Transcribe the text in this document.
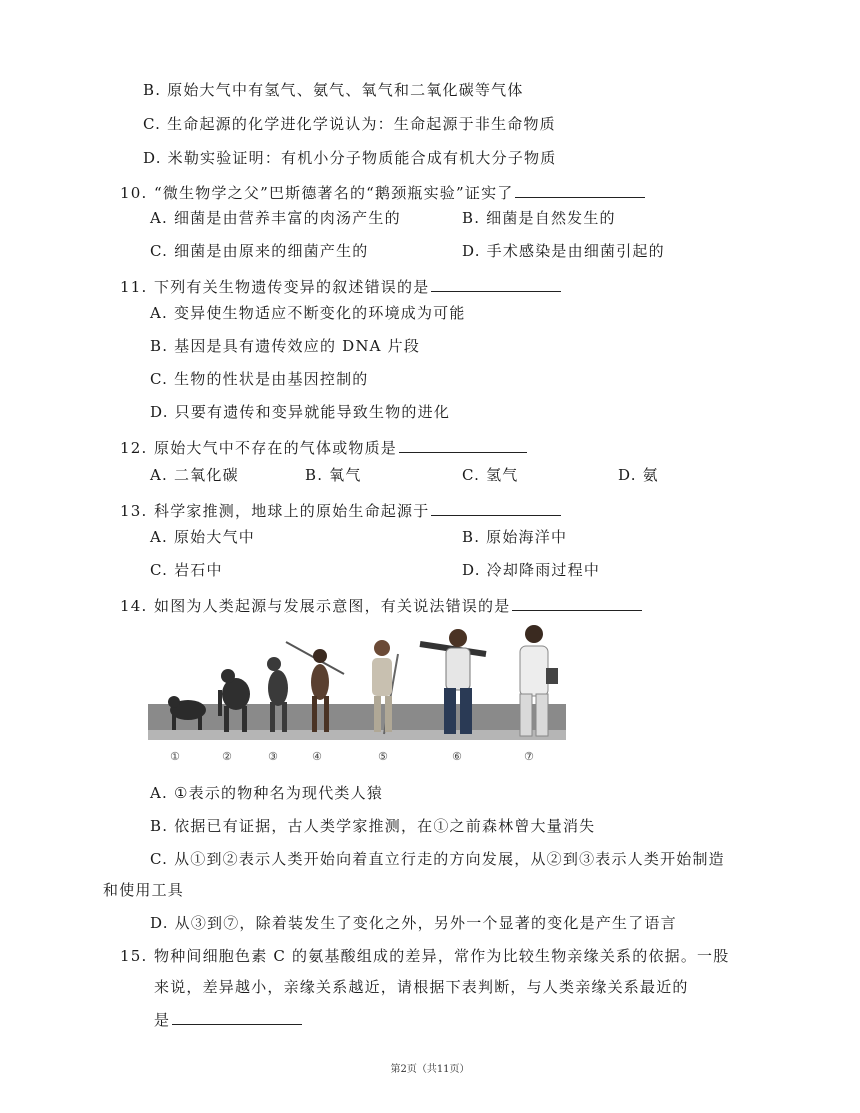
B. 原始大气中有氢气、氨气、氧气和二氧化碳等气体
C. 生命起源的化学进化学说认为：生命起源于非生命物质
D. 米勒实验证明：有机小分子物质能合成有机大分子物质
10. “微生物学之父”巴斯德著名的“鹅颈瓶实验”证实了
A. 细菌是由营养丰富的肉汤产生的	B. 细菌是自然发生的
C. 细菌是由原来的细菌产生的	D. 手术感染是由细菌引起的
11. 下列有关生物遗传变异的叙述错误的是
A. 变异使生物适应不断变化的环境成为可能
B. 基因是具有遗传效应的 DNA 片段
C. 生物的性状是由基因控制的
D. 只要有遗传和变异就能导致生物的进化
12. 原始大气中不存在的气体或物质是
A. 二氧化碳	B. 氧气	C. 氢气	D. 氨
13. 科学家推测，地球上的原始生命起源于
A. 原始大气中	B. 原始海洋中
C. 岩石中	D. 冷却降雨过程中
14. 如图为人类起源与发展示意图，有关说法错误的是
①	②	③	④	⑤	⑥	⑦
A. ①表示的物种名为现代类人猿
B. 依据已有证据，古人类学家推测，在①之前森林曾大量消失
C. 从①到②表示人类开始向着直立行走的方向发展，从②到③表示人类开始制造
和使用工具
D. 从③到⑦，除着装发生了变化之外，另外一个显著的变化是产生了语言
15. 物种间细胞色素 C 的氨基酸组成的差异，常作为比较生物亲缘关系的依据。一股
来说，差异越小，亲缘关系越近，请根据下表判断，与人类亲缘关系最近的
是
第2页（共11页）
